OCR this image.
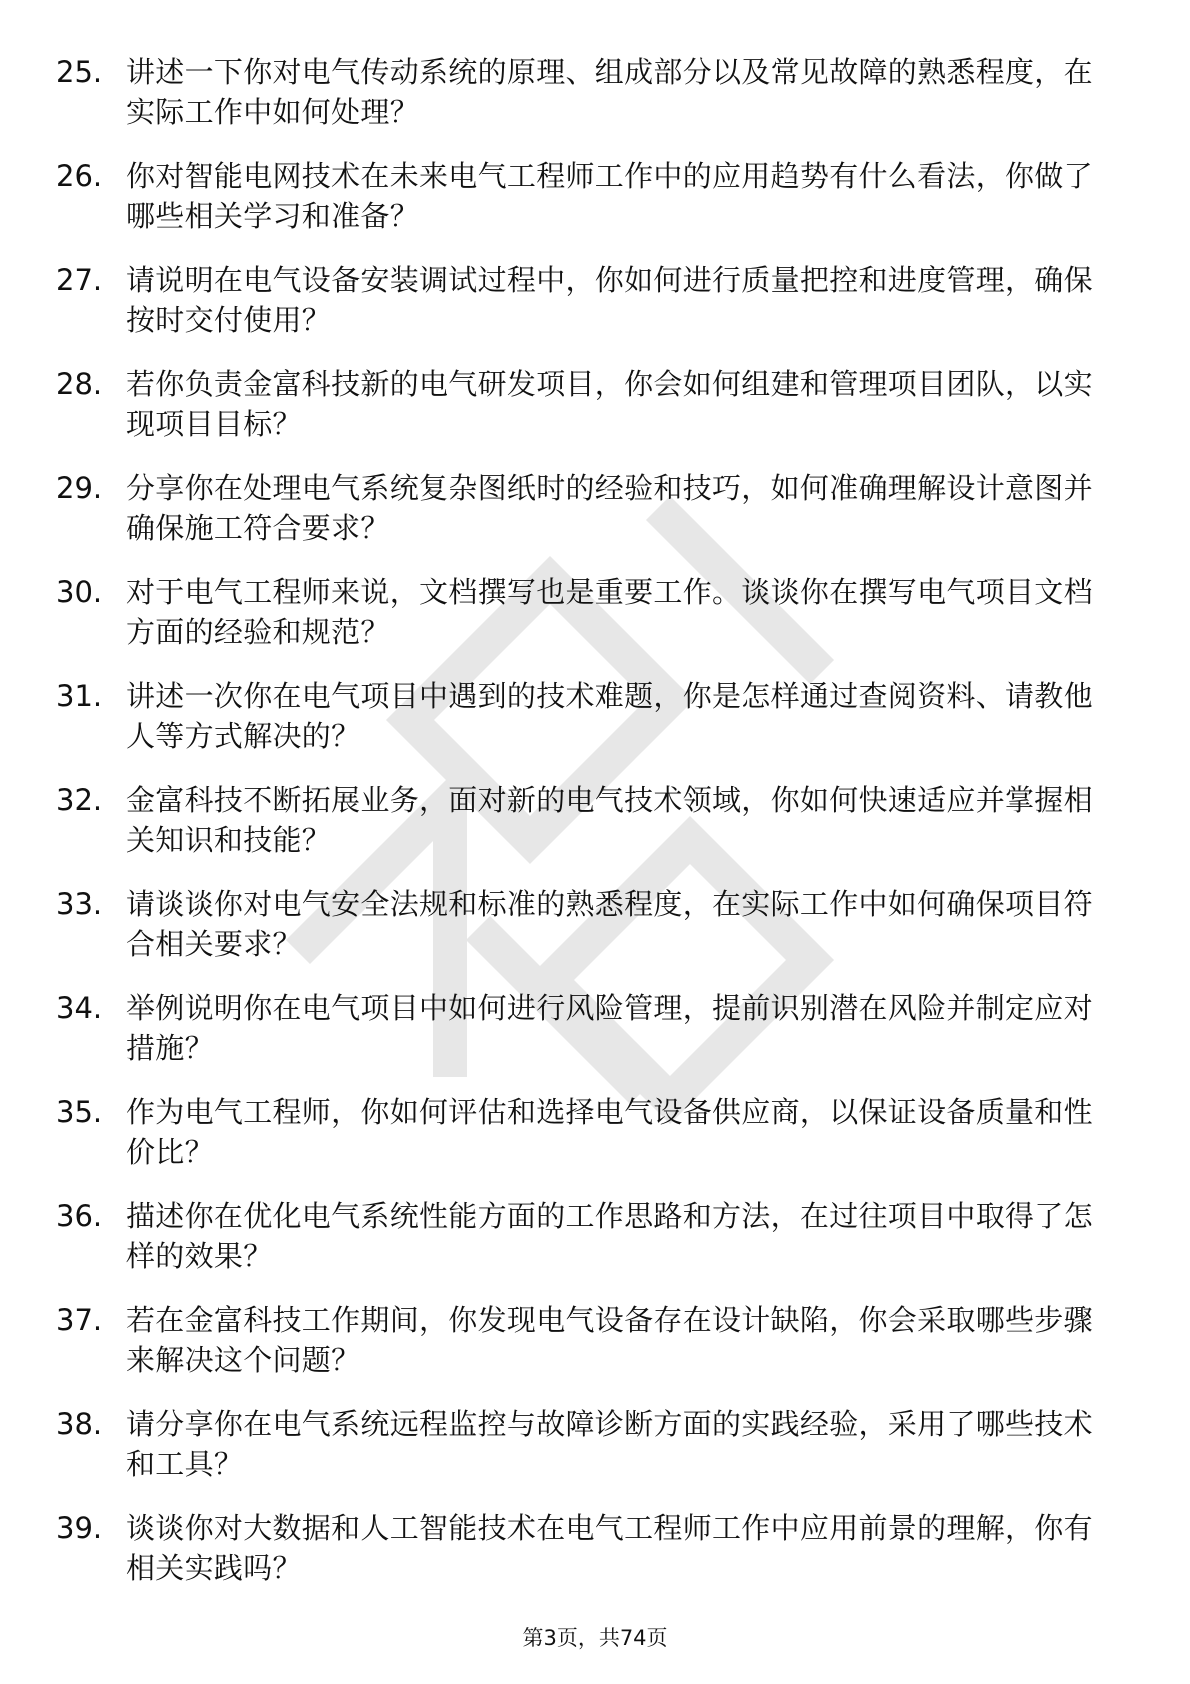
25. 讲述一下你对电气传动系统的原理、组成部分以及常见故障的熟悉程度，在实际工作中如何处理？
26. 你对智能电网技术在未来电气工程师工作中的应用趋势有什么看法，你做了哪些相关学习和准备？
27. 请说明在电气设备安装调试过程中，你如何进行质量把控和进度管理，确保按时交付使用？
28. 若你负责金富科技新的电气研发项目，你会如何组建和管理项目团队，以实现项目目标？
29. 分享你在处理电气系统复杂图纸时的经验和技巧，如何准确理解设计意图并确保施工符合要求？
30. 对于电气工程师来说，文档撰写也是重要工作。谈谈你在撰写电气项目文档方面的经验和规范？
31. 讲述一次你在电气项目中遇到的技术难题，你是怎样通过查阅资料、请教他人等方式解决的？
32. 金富科技不断拓展业务，面对新的电气技术领域，你如何快速适应并掌握相关知识和技能？
33. 请谈谈你对电气安全法规和标准的熟悉程度，在实际工作中如何确保项目符合相关要求？
34. 举例说明你在电气项目中如何进行风险管理，提前识别潜在风险并制定应对措施？
35. 作为电气工程师，你如何评估和选择电气设备供应商，以保证设备质量和性价比？
36. 描述你在优化电气系统性能方面的工作思路和方法，在过往项目中取得了怎样的效果？
37. 若在金富科技工作期间，你发现电气设备存在设计缺陷，你会采取哪些步骤来解决这个问题？
38. 请分享你在电气系统远程监控与故障诊断方面的实践经验，采用了哪些技术和工具？
39. 谈谈你对大数据和人工智能技术在电气工程师工作中应用前景的理解，你有相关实践吗？
第3页，共74页
